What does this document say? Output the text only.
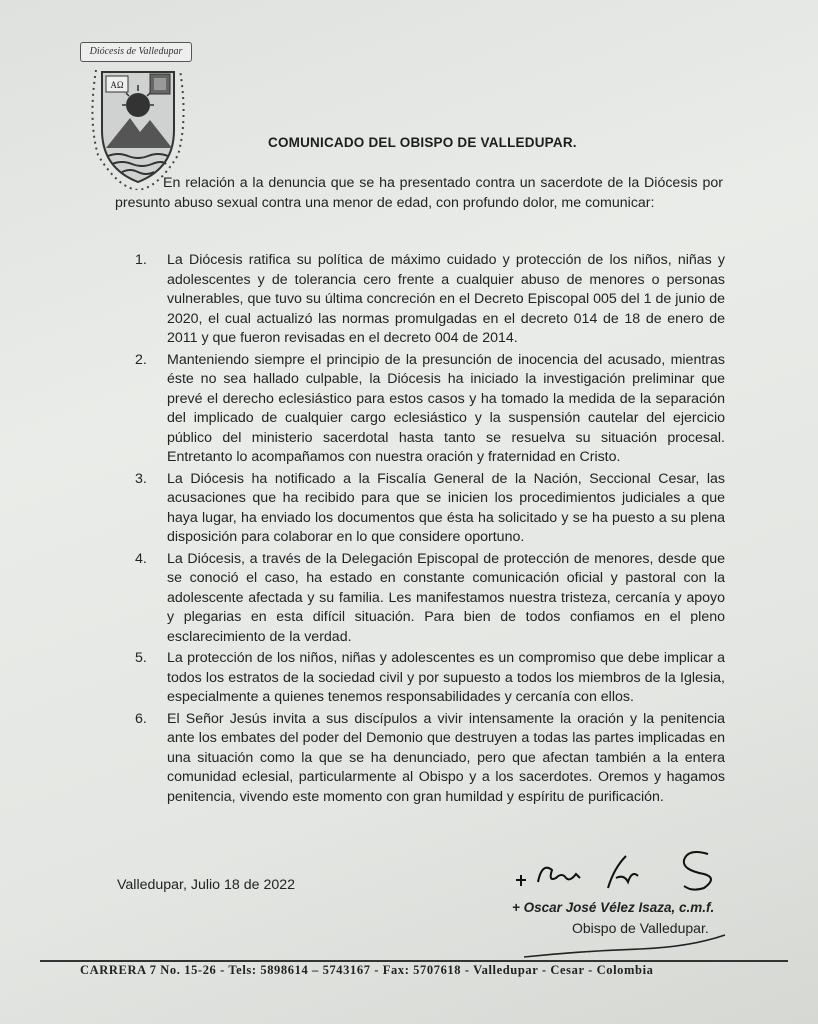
Diócesis de Valledupar
AΩ
COMUNICADO DEL OBISPO DE VALLEDUPAR.

En relación a la denuncia que se ha presentado contra un sacerdote de la Diócesis por presunto abuso sexual contra una menor de edad, con profundo dolor, me comunicar:

1. La Diócesis ratifica su política de máximo cuidado y protección de los niños, niñas y adolescentes y de tolerancia cero frente a cualquier abuso de menores o personas vulnerables, que tuvo su última concreción en el Decreto Episcopal 005 del 1 de junio de 2020, el cual actualizó las normas promulgadas en el decreto 014 de 18 de enero de 2011 y que fueron revisadas en el decreto 004 de 2014.
2. Manteniendo siempre el principio de la presunción de inocencia del acusado, mientras éste no sea hallado culpable, la Diócesis ha iniciado la investigación preliminar que prevé el derecho eclesiástico para estos casos y ha tomado la medida de la separación del implicado de cualquier cargo eclesiástico y la suspensión cautelar del ejercicio público del ministerio sacerdotal hasta tanto se resuelva su situación procesal. Entretanto lo acompañamos con nuestra oración y fraternidad en Cristo.
3. La Diócesis ha notificado a la Fiscalía General de la Nación, Seccional Cesar, las acusaciones que ha recibido para que se inicien los procedimientos judiciales a que haya lugar, ha enviado los documentos que ésta ha solicitado y se ha puesto a su plena disposición para colaborar en lo que considere oportuno.
4. La Diócesis, a través de la Delegación Episcopal de protección de menores, desde que se conoció el caso, ha estado en constante comunicación oficial y pastoral con la adolescente afectada y su familia. Les manifestamos nuestra tristeza, cercanía y apoyo y plegarias en esta difícil situación. Para bien de todos confiamos en el pleno esclarecimiento de la verdad.
5. La protección de los niños, niñas y adolescentes es un compromiso que debe implicar a todos los estratos de la sociedad civil y por supuesto a todos los miembros de la Iglesia, especialmente a quienes tenemos responsabilidades y cercanía con ellos.
6. El Señor Jesús invita a sus discípulos a vivir intensamente la oración y la penitencia ante los embates del poder del Demonio que destruyen a todas las partes implicadas en una situación como la que se ha denunciado, pero que afectan también a la entera comunidad eclesial, particularmente al Obispo y a los sacerdotes. Oremos y hagamos penitencia, vivendo este momento con gran humildad y espíritu de purificación.
Valledupar, Julio 18 de 2022
+ Oscar José Vélez Isaza, c.m.f.
Obispo de Valledupar.
CARRERA 7 No. 15-26 - Tels: 5898614 – 5743167 - Fax: 5707618 - Valledupar - Cesar - Colombia
